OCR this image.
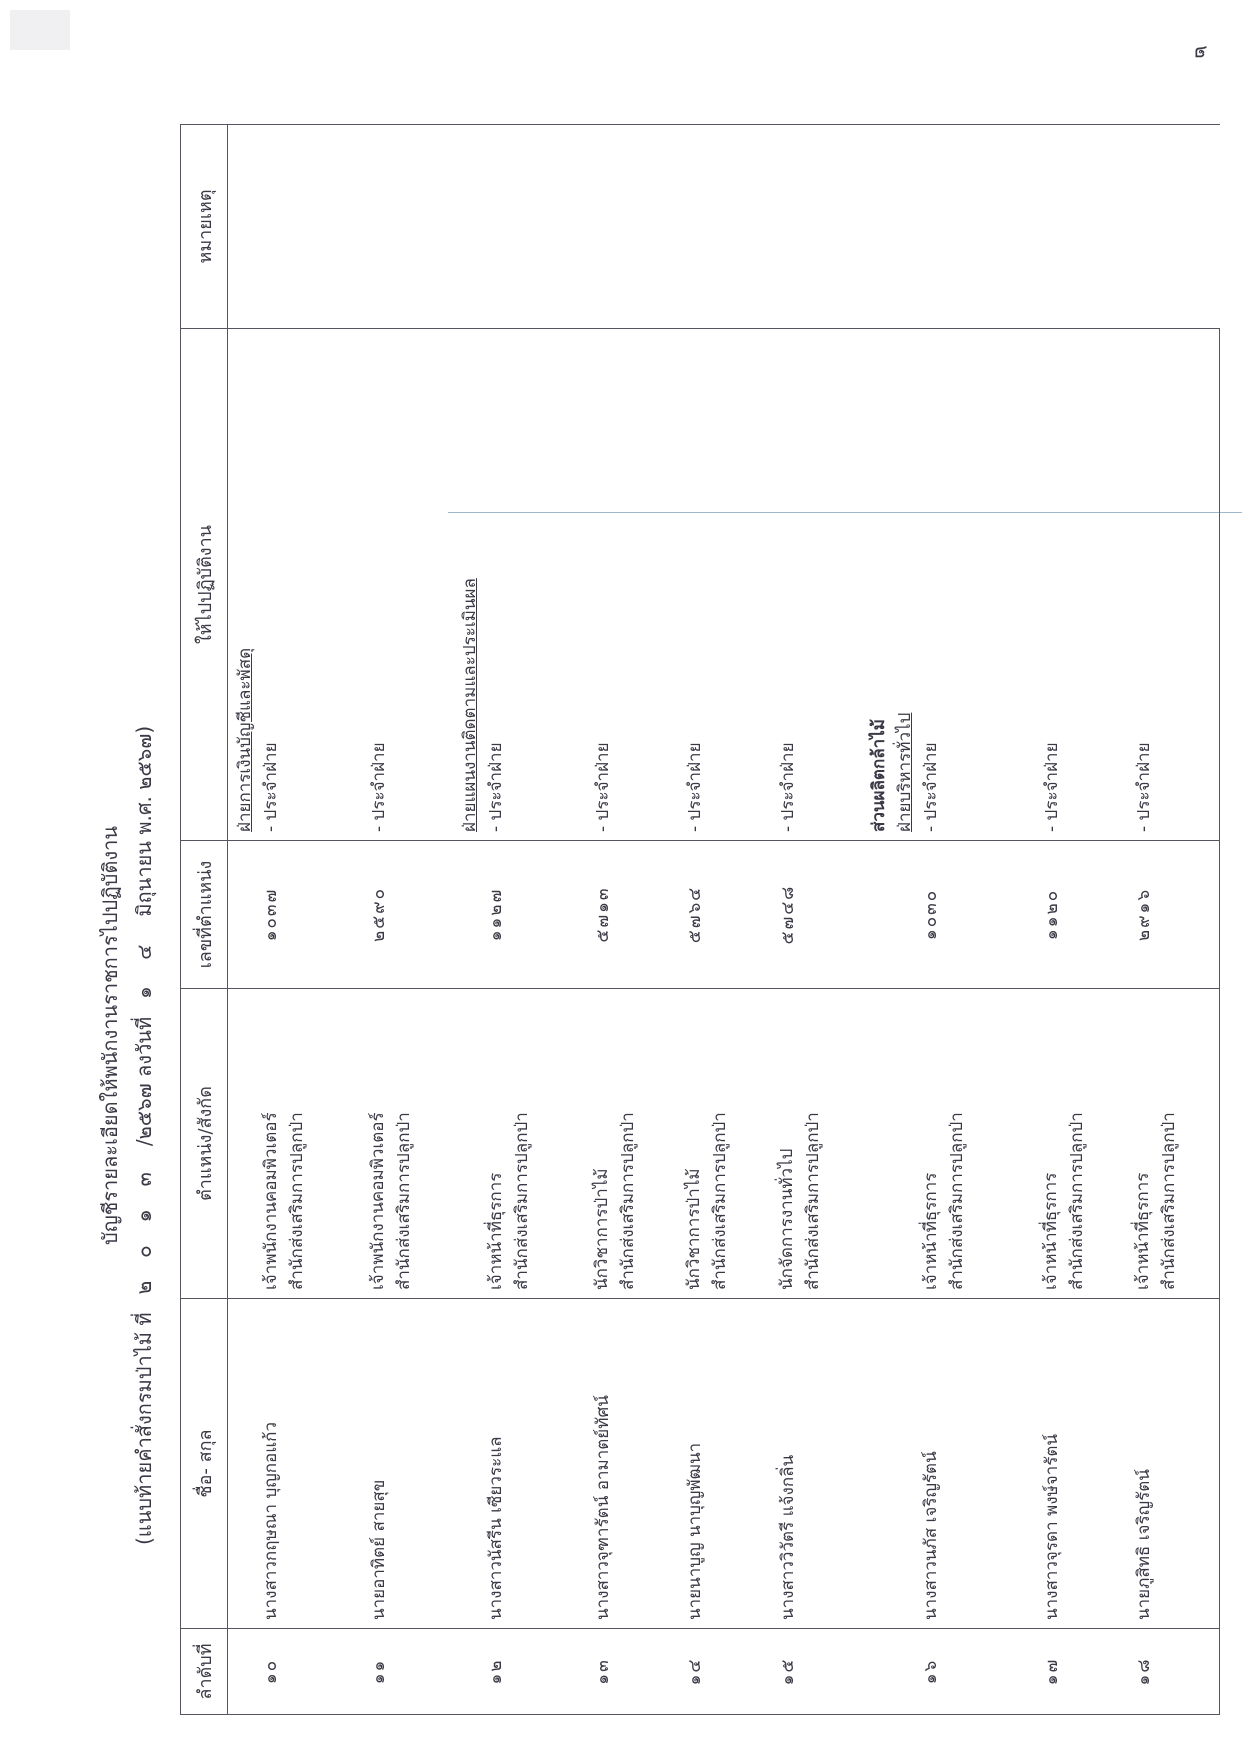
๒
บัญชีรายละเอียดให้พนักงานราชการไปปฏิบัติงาน
(แนบท้ายคำสั่งกรมป่าไม้ ที่
๒ ๐ ๑ ๓
/๒๕๖๗ ลงวันที่
๑ ๔
มิถุนายน พ.ศ. ๒๕๖๗)
ลำดับที่	ชื่อ- สกุล	ตำแหน่ง/สังกัด	เลขที่ตำแหน่ง	ให้ไปปฏิบัติงาน	หมายเหตุ

๑๐	นางสาวกฤษณา บุญกอแก้ว	เจ้าพนักงานคอมพิวเตอร์ สำนักส่งเสริมการปลูกป่า	๑๐๓๗	ฝ่ายการเงินบัญชีและพัสดุ - ประจำฝ่าย

๑๑	นายอาทิตย์ สายสุข	เจ้าพนักงานคอมพิวเตอร์ สำนักส่งเสริมการปลูกป่า	๒๕๙๐	- ประจำฝ่าย	

๑๒	นางสาวนัสรีน เซียวระแล	เจ้าหน้าที่ธุรการ สำนักส่งเสริมการปลูกป่า	๑๑๒๗	ฝ่ายแผนงานติดตามและประเมินผล - ประจำฝ่าย	

๑๓	นางสาวจุฑารัตน์ อามาตย์ทัศน์	นักวิชาการป่าไม้ สำนักส่งเสริมการปลูกป่า	๕๗๑๓	- ประจำฝ่าย	
๑๔	นายนาบูญ นาบุญพัฒนา	นักวิชาการป่าไม้ สำนักส่งเสริมการปลูกป่า	๕๗๖๔	- ประจำฝ่าย	
๑๕	นางสาววิวัตรี แจ้งกลิ่น	นักจัดการงานทั่วไป สำนักส่งเสริมการปลูกป่า	๕๗๔๘	- ประจำฝ่าย	

๑๖	นางสาวนภัส เจริญรัตน์	เจ้าหน้าที่ธุรการ สำนักส่งเสริมการปลูกป่า	๑๐๓๐	ส่วนผลิตกล้าไม้ ฝ่ายบริหารทั่วไป - ประจำฝ่าย	

๑๗	นางสาวจุรดา พงษ์จารัตน์	เจ้าหน้าที่ธุรการ สำนักส่งเสริมการปลูกป่า	๑๑๒๐	- ประจำฝ่าย	
๑๘	นายภูสิทธิ เจริญรัตน์	เจ้าหน้าที่ธุรการ สำนักส่งเสริมการปลูกป่า	๒๙๑๖	- ประจำฝ่าย	
